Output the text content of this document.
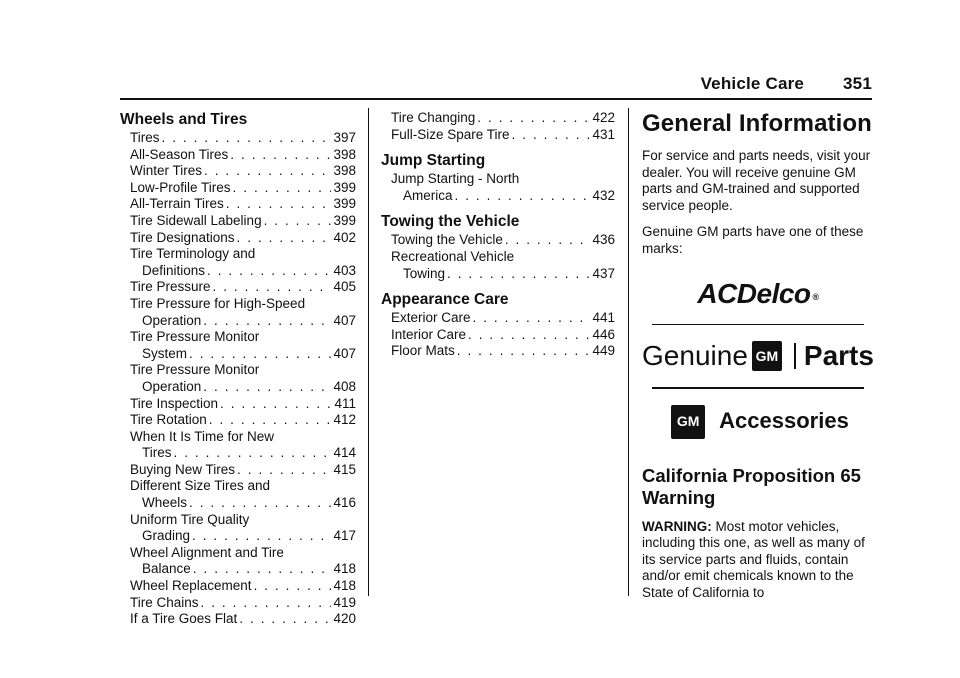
Vehicle Care 351
Wheels and Tires
Tires . . .	397
All-Season Tires . . .	398
Winter Tires . . .	398
Low-Profile Tires . . .	399
All-Terrain Tires . . .	399
Tire Sidewall Labeling . . .	399
Tire Designations . . .	402
Tire Terminology and
Definitions . . .	403
Tire Pressure . . .	405
Tire Pressure for High-Speed
Operation . . .	407
Tire Pressure Monitor
System . . .	407
Tire Pressure Monitor
Operation . . .	408
Tire Inspection . . .	411
Tire Rotation . . .	412
When It Is Time for New
Tires . . .	414
Buying New Tires . . .	415
Different Size Tires and
Wheels . . .	416
Uniform Tire Quality
Grading . . .	417
Wheel Alignment and Tire
Balance . . .	418
Wheel Replacement . . .	418
Tire Chains . . .	419
If a Tire Goes Flat . . .	420
Tire Changing . . .	422
Full-Size Spare Tire . . .	431
Jump Starting
Jump Starting - North
America . . .	432
Towing the Vehicle
Towing the Vehicle . . .	436
Recreational Vehicle
Towing . . .	437
Appearance Care
Exterior Care . . .	441
Interior Care . . .	446
Floor Mats . . .	449
General Information

For service and parts needs, visit your dealer. You will receive genuine GM parts and GM-trained and supported service people.

Genuine GM parts have one of these marks:

ACDelco ®
Genuine GM Parts
GM Accessories
California Proposition 65 Warning

WARNING: Most motor vehicles, including this one, as well as many of its service parts and fluids, contain and/or emit chemicals known to the State of California to
